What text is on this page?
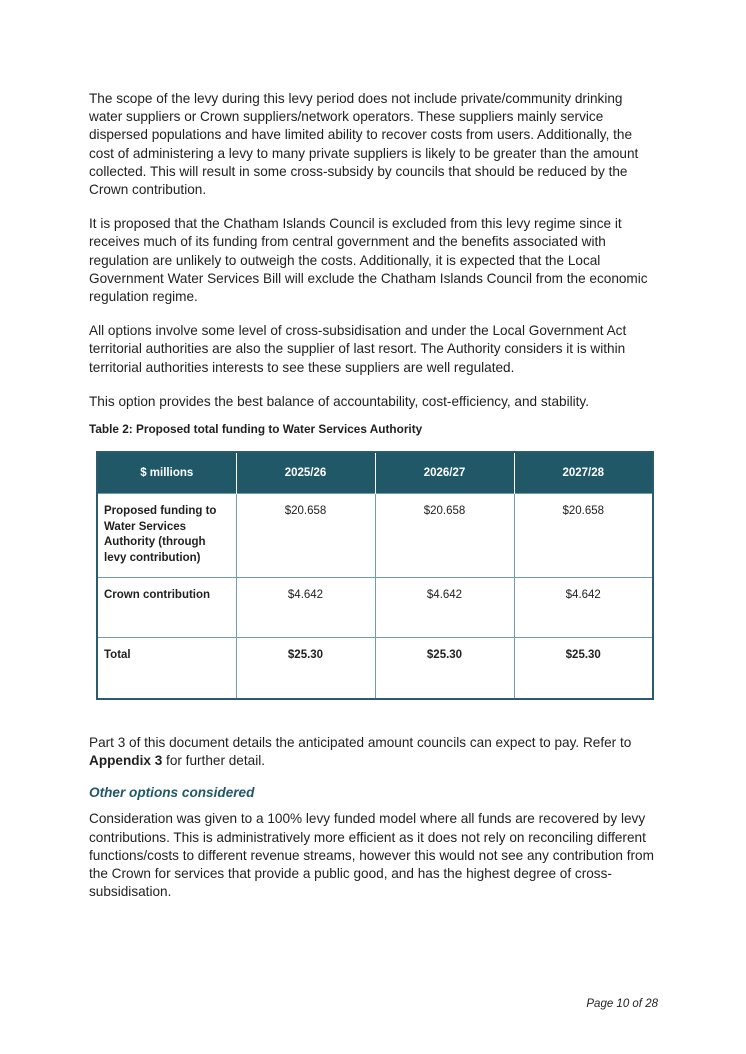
The scope of the levy during this levy period does not include private/community drinking water suppliers or Crown suppliers/network operators. These suppliers mainly service dispersed populations and have limited ability to recover costs from users. Additionally, the cost of administering a levy to many private suppliers is likely to be greater than the amount collected. This will result in some cross-subsidy by councils that should be reduced by the Crown contribution.

It is proposed that the Chatham Islands Council is excluded from this levy regime since it receives much of its funding from central government and the benefits associated with regulation are unlikely to outweigh the costs. Additionally, it is expected that the Local Government Water Services Bill will exclude the Chatham Islands Council from the economic regulation regime.

All options involve some level of cross-subsidisation and under the Local Government Act territorial authorities are also the supplier of last resort. The Authority considers it is within territorial authorities interests to see these suppliers are well regulated.

This option provides the best balance of accountability, cost-efficiency, and stability.

Table 2: Proposed total funding to Water Services Authority

$ millions	2025/26	2026/27	2027/28
Proposed funding to Water Services Authority (through levy contribution)	$20.658	$20.658	$20.658
Crown contribution	$4.642	$4.642	$4.642
Total	$25.30	$25.30	$25.30

Part 3 of this document details the anticipated amount councils can expect to pay. Refer to Appendix 3 for further detail.

Other options considered

Consideration was given to a 100% levy funded model where all funds are recovered by levy contributions. This is administratively more efficient as it does not rely on reconciling different functions/costs to different revenue streams, however this would not see any contribution from the Crown for services that provide a public good, and has the highest degree of cross-subsidisation.

Page 10 of 28
